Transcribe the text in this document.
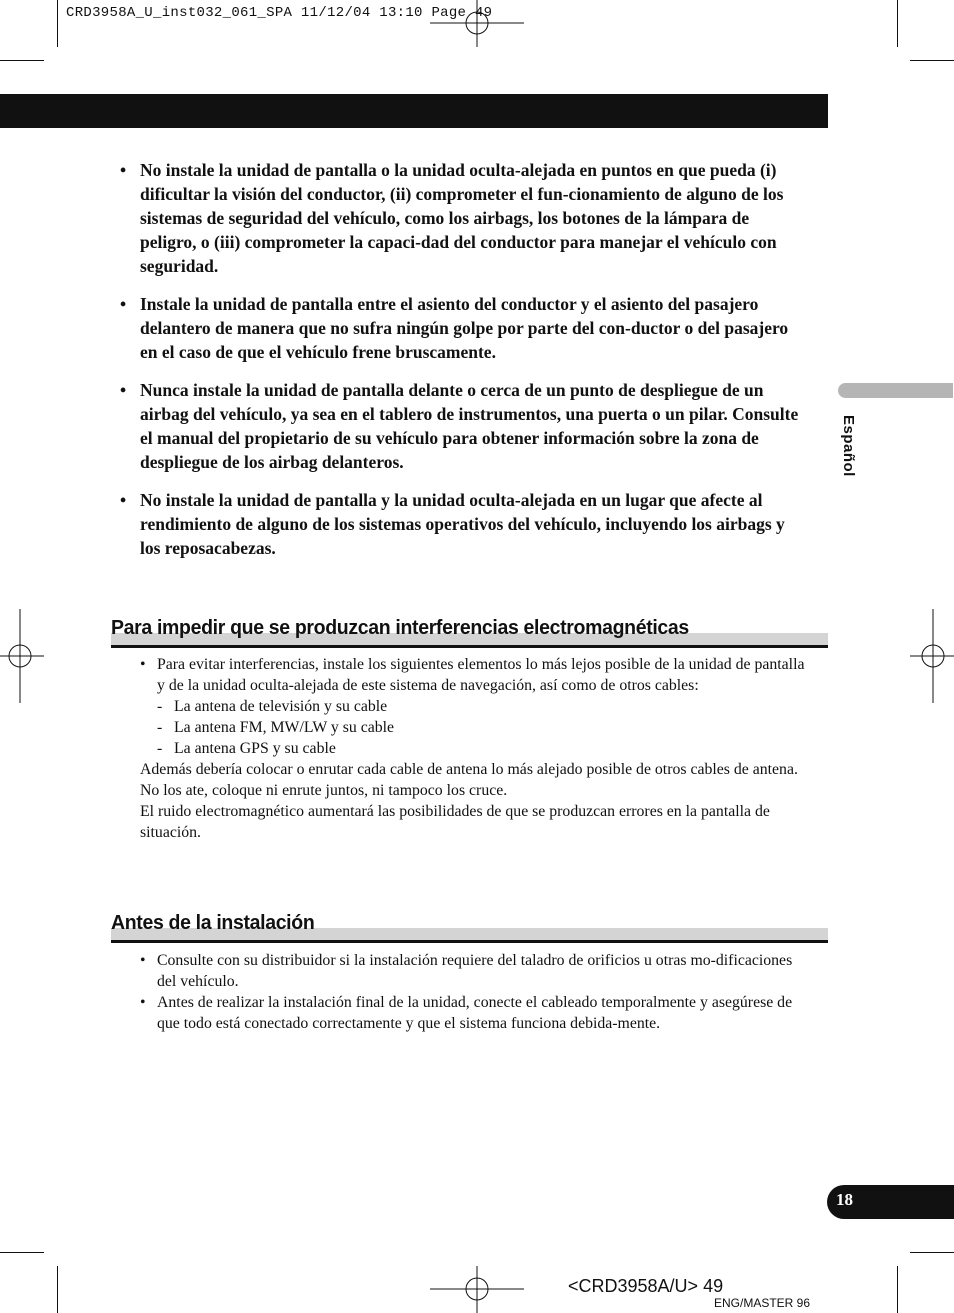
CRD3958A_U_inst032_061_SPA 11/12/04 13:10 Page 49
• No instale la unidad de pantalla o la unidad oculta-alejada en puntos en que pueda (i) dificultar la visión del conductor, (ii) comprometer el fun-cionamiento de alguno de los sistemas de seguridad del vehículo, como los airbags, los botones de la lámpara de peligro, o (iii) comprometer la capaci-dad del conductor para manejar el vehículo con seguridad.
• Instale la unidad de pantalla entre el asiento del conductor y el asiento del pasajero delantero de manera que no sufra ningún golpe por parte del con-ductor o del pasajero en el caso de que el vehículo frene bruscamente.
• Nunca instale la unidad de pantalla delante o cerca de un punto de despliegue de un airbag del vehículo, ya sea en el tablero de instrumentos, una puerta o un pilar. Consulte el manual del propietario de su vehículo para obtener información sobre la zona de despliegue de los airbag delanteros.
• No instale la unidad de pantalla y la unidad oculta-alejada en un lugar que afecte al rendimiento de alguno de los sistemas operativos del vehículo, incluyendo los airbags y los reposacabezas.
Para impedir que se produzcan interferencias electromagnéticas
• Para evitar interferencias, instale los siguientes elementos lo más lejos posible de la unidad de pantalla y de la unidad oculta-alejada de este sistema de navegación, así como de otros cables:
- La antena de televisión y su cable
- La antena FM, MW/LW y su cable
- La antena GPS y su cable
Además debería colocar o enrutar cada cable de antena lo más alejado posible de otros cables de antena.
No los ate, coloque ni enrute juntos, ni tampoco los cruce.
El ruido electromagnético aumentará las posibilidades de que se produzcan errores en la pantalla de situación.
Antes de la instalación
• Consulte con su distribuidor si la instalación requiere del taladro de orificios u otras mo-dificaciones del vehículo.
• Antes de realizar la instalación final de la unidad, conecte el cableado temporalmente y asegúrese de que todo está conectado correctamente y que el sistema funciona debida-mente.
Español
18
<CRD3958A/U> 49
ENG/MASTER 96
